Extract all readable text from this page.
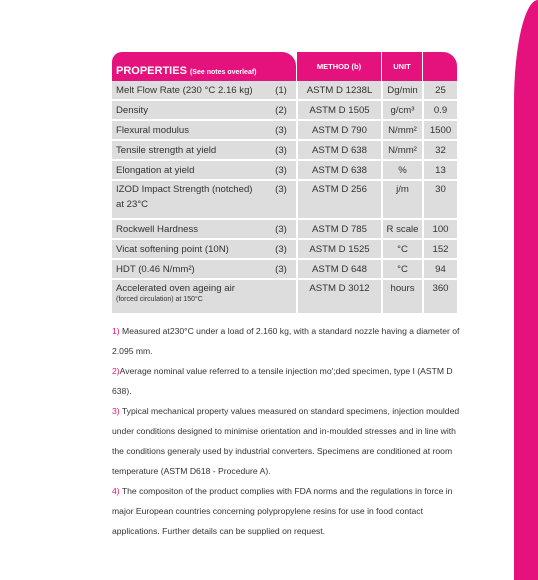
PROPERTIES (See notes overleaf)		METHOD (b)	UNIT	
Melt Flow Rate (230 °C 2.16 kg)	(1)	ASTM D 1238L	Dg/min	25
Density	(2)	ASTM D 1505	g/cm³	0.9
Flexural modulus	(3)	ASTM D 790	N/mm²	1500
Tensile strength at yield	(3)	ASTM D 638	N/mm²	32
Elongation at yield	(3)	ASTM D 638	%	13
IZOD Impact Strength (notched)
at 23°C	(3)	ASTM D 256	j/m	30
Rockwell Hardness	(3)	ASTM D 785	R scale	100
Vicat softening point (10N)	(3)	ASTM D 1525	°C	152
HDT (0.46 N/mm²)	(3)	ASTM D 648	°C	94
Accelerated oven ageing air
(forced circulation) at 150°C		ASTM D 3012	hours	360

1) Measured at230°C under a load of 2.160 kg, with a standard nozzle having a diameter of 2.095 mm.

2)Average nominal value referred to a tensile injection mo';ded specimen, type I (ASTM D 638).

3) Typical mechanical property values measured on standard specimens, injection moulded under conditions designed to minimise orientation and in-moulded stresses and in line with the conditions generaly used by industrial converters. Specimens are conditioned at room temperature (ASTM D618 - Procedure A).

4) The compositon of the product complies with FDA norms and the regulations in force in major European countries concerning polypropylene resins for use in food contact applications. Further details can be supplied on request.
